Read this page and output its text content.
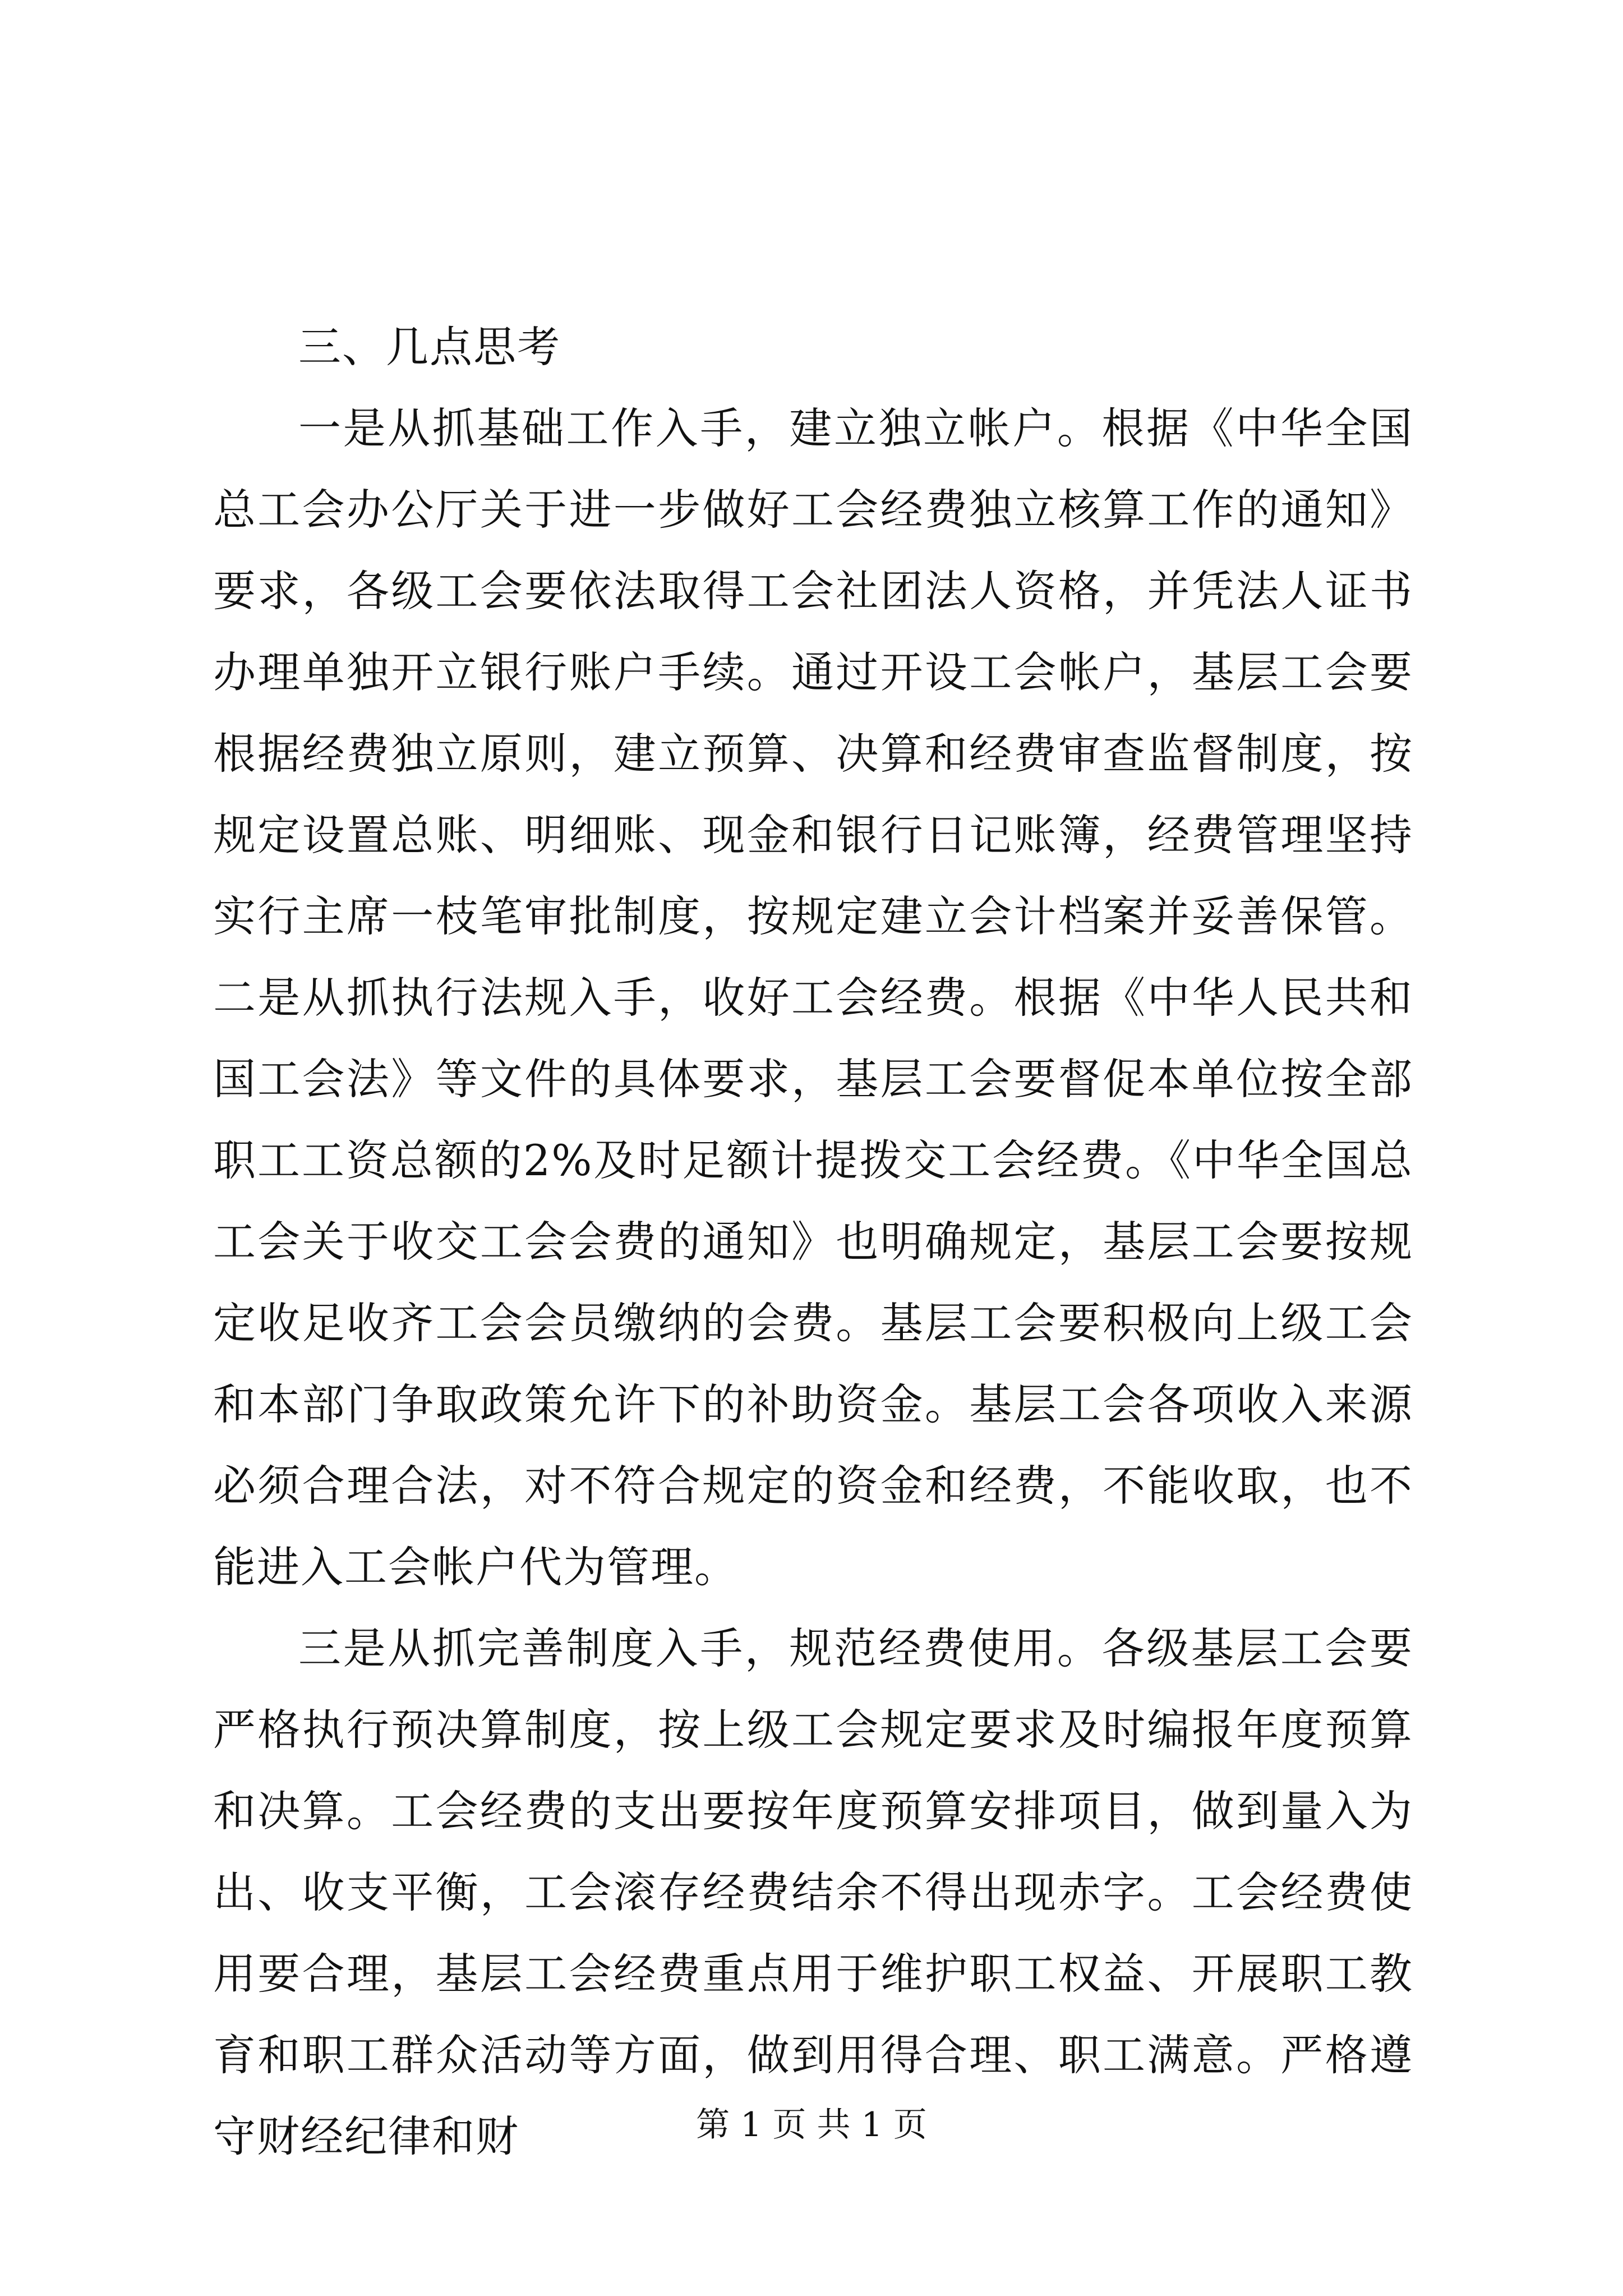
三、几点思考

一是从抓基础工作入手，建立独立帐户。根据《中华全国总工会办公厅关于进一步做好工会经费独立核算工作的通知》要求，各级工会要依法取得工会社团法人资格，并凭法人证书办理单独开立银行账户手续。通过开设工会帐户，基层工会要根据经费独立原则，建立预算、决算和经费审查监督制度，按规定设置总账、明细账、现金和银行日记账簿，经费管理坚持实行主席一枝笔审批制度，按规定建立会计档案并妥善保管。二是从抓执行法规入手，收好工会经费。根据《中华人民共和国工会法》等文件的具体要求，基层工会要督促本单位按全部职工工资总额的2%及时足额计提拨交工会经费。《中华全国总工会关于收交工会会费的通知》也明确规定，基层工会要按规定收足收齐工会会员缴纳的会费。基层工会要积极向上级工会和本部门争取政策允许下的补助资金。基层工会各项收入来源必须合理合法，对不符合规定的资金和经费，不能收取，也不能进入工会帐户代为管理。

三是从抓完善制度入手，规范经费使用。各级基层工会要严格执行预决算制度，按上级工会规定要求及时编报年度预算和决算。工会经费的支出要按年度预算安排项目，做到量入为出、收支平衡，工会滚存经费结余不得出现赤字。工会经费使用要合理，基层工会经费重点用于维护职工权益、开展职工教育和职工群众活动等方面，做到用得合理、职工满意。严格遵守财经纪律和财	第 1 页 共 1 页
